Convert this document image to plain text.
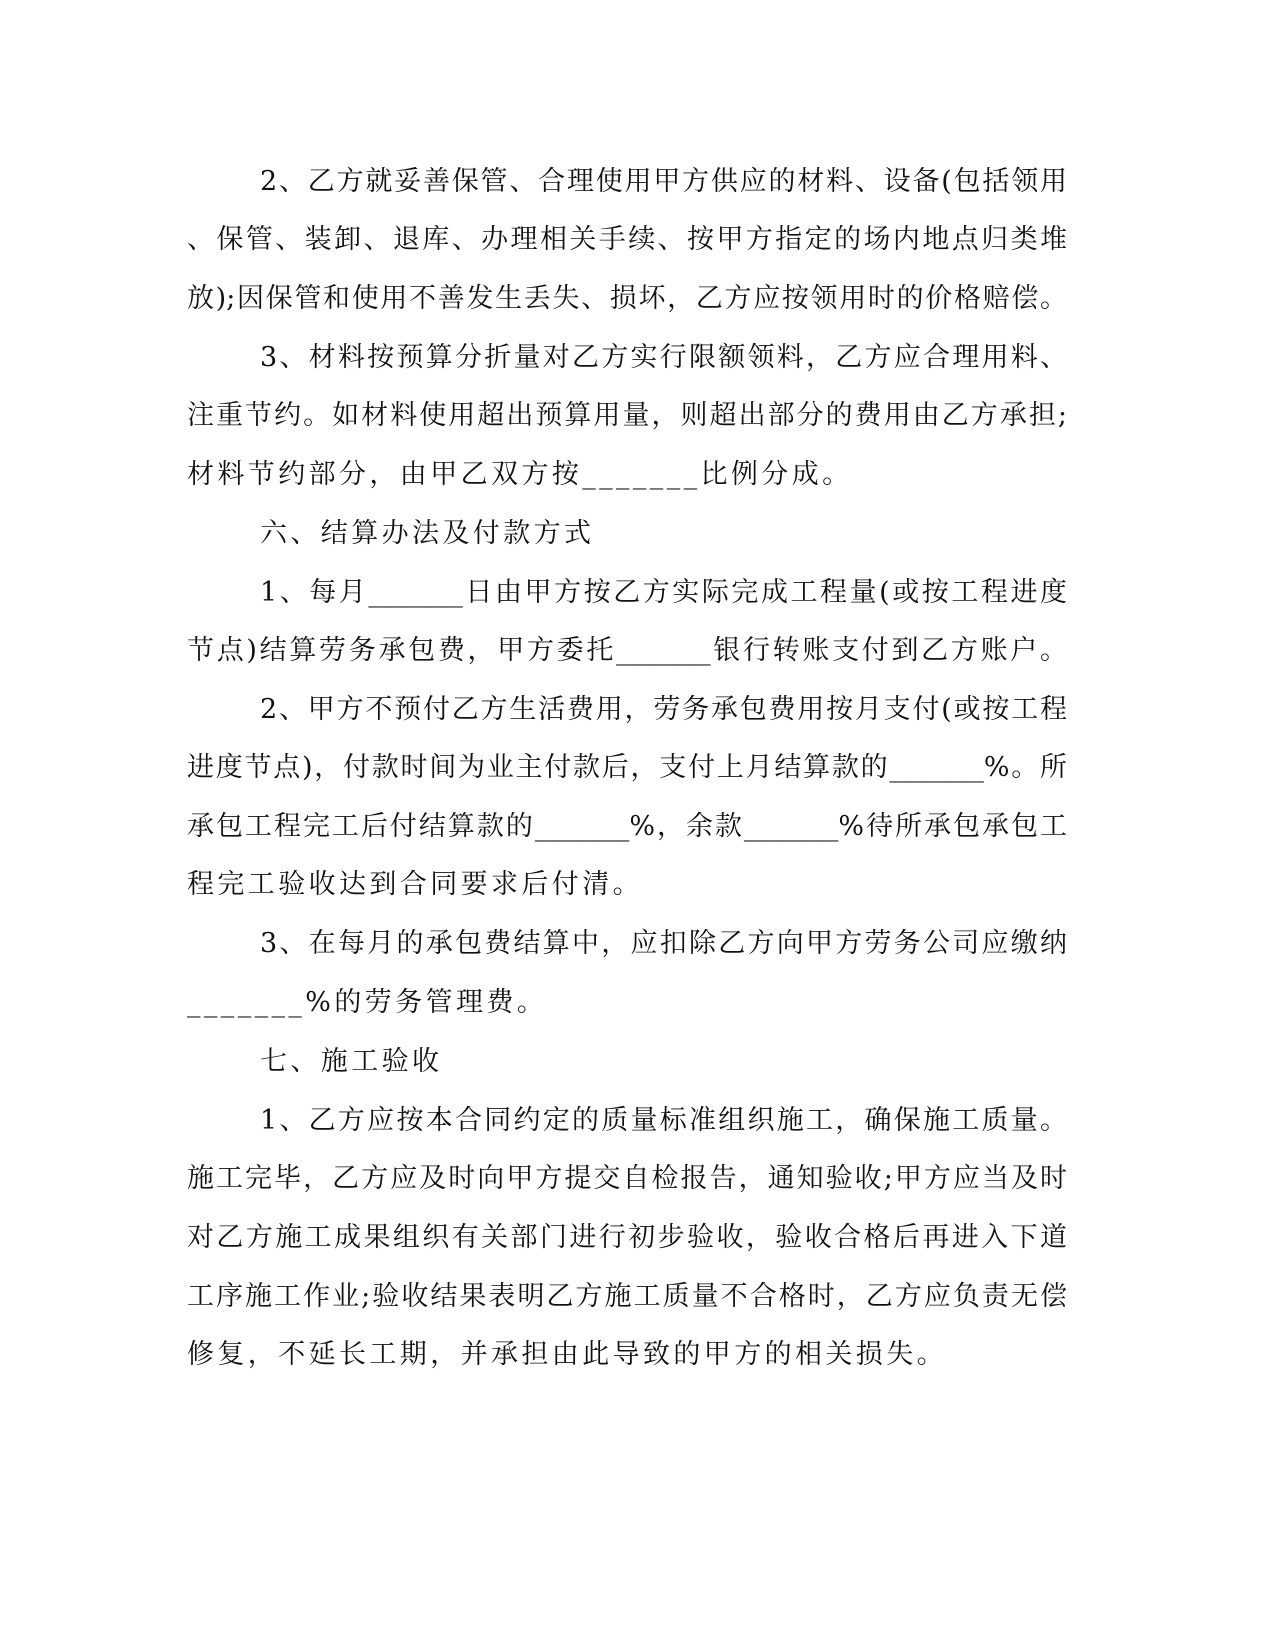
2、乙方就妥善保管、合理使用甲方供应的材料、设备(包括领用
、保管、装卸、退库、办理相关手续、按甲方指定的场内地点归类堆
放);因保管和使用不善发生丢失、损坏，乙方应按领用时的价格赔偿。
3、材料按预算分折量对乙方实行限额领料，乙方应合理用料、
注重节约。如材料使用超出预算用量，则超出部分的费用由乙方承担;
材料节约部分，由甲乙双方按_______比例分成。
六、结算办法及付款方式
1、每月_______日由甲方按乙方实际完成工程量(或按工程进度
节点)结算劳务承包费，甲方委托_______银行转账支付到乙方账户。
2、甲方不预付乙方生活费用，劳务承包费用按月支付(或按工程
进度节点)，付款时间为业主付款后，支付上月结算款的_______%。所
承包工程完工后付结算款的_______%，余款_______%待所承包承包工
程完工验收达到合同要求后付清。
3、在每月的承包费结算中，应扣除乙方向甲方劳务公司应缴纳
_______%的劳务管理费。
七、施工验收
1、乙方应按本合同约定的质量标准组织施工，确保施工质量。
施工完毕，乙方应及时向甲方提交自检报告，通知验收;甲方应当及时
对乙方施工成果组织有关部门进行初步验收，验收合格后再进入下道
工序施工作业;验收结果表明乙方施工质量不合格时，乙方应负责无偿
修复，不延长工期，并承担由此导致的甲方的相关损失。
